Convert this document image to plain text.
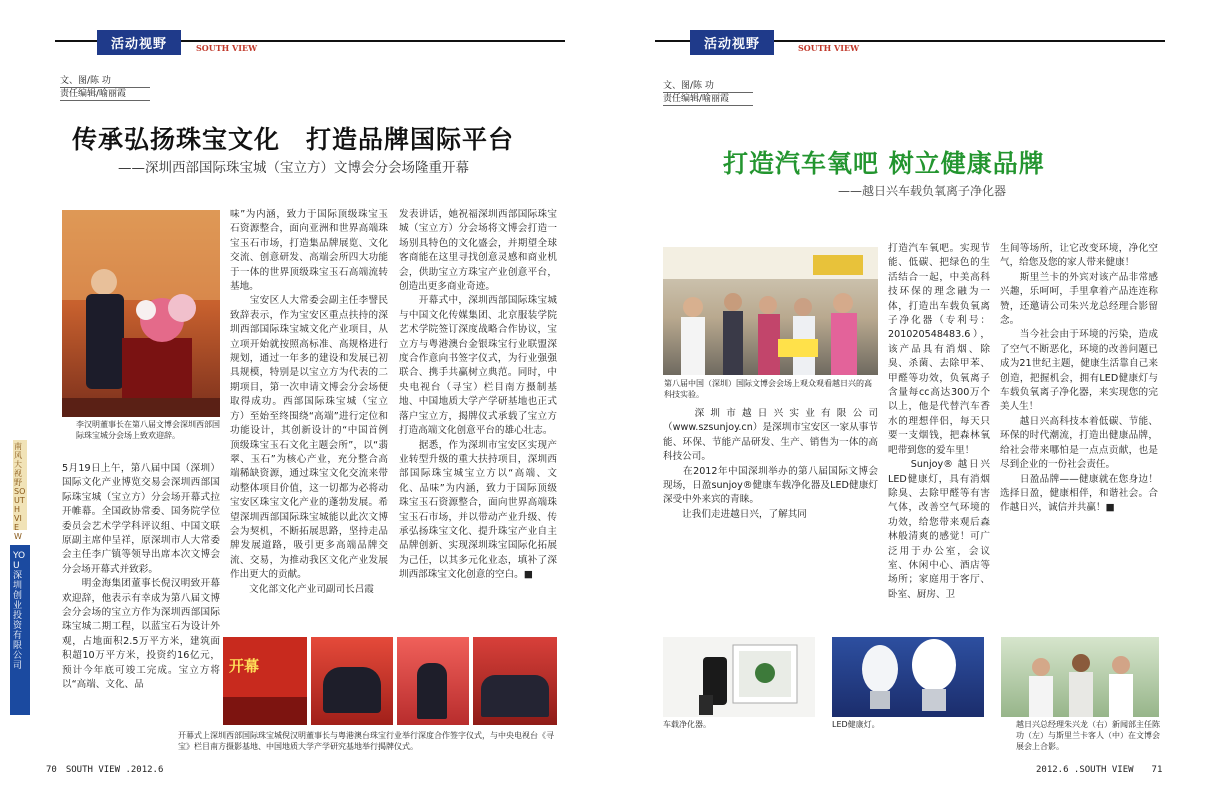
活动视野	SOUTH VIEW
文、图/陈 功
责任编辑/喻丽霞
传承弘扬珠宝文化　打造品牌国际平台
——深圳西部国际珠宝城（宝立方）文博会分会场隆重开幕
李汉明董事长在第八届文博会深圳西部国际珠宝城分会场上致欢迎辞。

5月19日上午，第八届中国（深圳）国际文化产业博览交易会深圳西部国际珠宝城（宝立方）分会场开幕式拉开帷幕。全国政协常委、国务院学位委员会艺术学学科评议组、中国文联原副主席仲呈祥，原深圳市人大常委会主任李广镇等领导出席本次文博会分会场开幕式并致彩。
　　明金海集团董事长倪汉明致开幕欢迎辞，他表示有幸成为第八届文博会分会场的宝立方作为深圳西部国际珠宝城二期工程，以蓝宝石为设计外观，占地面积2.5万平方米，建筑面积超10万平方米，投资约16亿元，预计今年底可竣工完成。宝立方将以“高端、文化、品

味”为内涵，致力于国际顶级珠宝玉石资源整合，面向亚洲和世界高端珠宝玉石市场，打造集品牌展览、文化交流、创意研发、高端会所四大功能于一体的世界顶级珠宝玉石高端流转基地。
　　宝安区人大常委会副主任李譬民致辞表示，作为宝安区重点扶持的深圳西部国际珠宝城文化产业项目，从立项开始就按照高标准、高规格进行规划，通过一年多的建设和发展已初具规模，特别是以宝立方为代表的二期项目，第一次申请文博会分会场便取得成功。西部国际珠宝城（宝立方）至始至终围绕“高端”进行定位和功能设计，其创新设计的“中国首例顶级珠宝玉石文化主题会所”，以“翡翠、玉石”为核心产业，充分整合高端稀缺资源，通过珠宝文化交流来带动整体项目价值，这一切都为必将动宝安区珠宝文化产业的蓬勃发展。希望深圳西部国际珠宝城能以此次文博会为契机，不断拓展思路，坚持走品牌发展道路，吸引更多高端品牌交流、交易，为推动我区文化产业发展作出更大的贡献。
　　文化部文化产业司副司长吕霞

发表讲话，她祝福深圳西部国际珠宝城（宝立方）分会场将文博会打造一场别具特色的文化盛会，并期望全球客商能在这里寻找创意灵感和商业机会，供助宝立方珠宝产业创意平台，创造出更多商业奇迹。
　　开幕式中，深圳西部国际珠宝城与中国文化传媒集团、北京服装学院艺术学院签订深度战略合作协议，宝立方与粤港澳台金银珠宝行业联盟深度合作意向书签字仪式，为行业强强联合、携手共赢树立典范。同时，中央电视台（寻宝）栏目南方摄制基地、中国地质大学产学研基地也正式落户宝立方，揭牌仪式承载了宝立方打造高端文化创意平台的雄心壮志。
　　据悉，作为深圳市宝安区实现产业转型升级的重大扶持项目，深圳西部国际珠宝城宝立方以“高端、文化、品味”为内涵，致力于国际顶级珠宝玉石资源整合，面向世界高端珠宝玉石市场，并以带动产业升级、传承弘扬珠宝文化、提升珠宝产业自主品牌创新、实现深圳珠宝国际化拓展为己任，以其多元化业态，填补了深圳西部珠宝文化创意的空白。■

开幕
开幕式上深圳西部国际珠宝城倪汉明董事长与粤港澳台珠宝行业举行深度合作签字仪式，与中央电视台《寻宝》栏目南方摄影基地、中国地质大学产学研究基地举行揭牌仪式。
南风大视野 SOUTH VIEW
YOU 深圳创业投资有限公司
70　SOUTH VIEW .2012.6
活动视野	SOUTH VIEW
文、图/陈 功
责任编辑/喻丽霞
打造汽车氧吧 树立健康品牌
——越日兴车载负氧离子净化器
第八届中国（深圳）国际文博会会场上观众观看越日兴的高科技实验。

　　深圳市越日兴实业有限公司（www.szsunjoy.cn）是深圳市宝安区一家从事节能、环保、节能产品研发、生产、销售为一体的高科技公司。
　　在2012年中国深圳举办的第八届国际文博会现场，日盈sunjoy®健康车载净化器及LED健康灯深受中外来宾的青睐。
　　让我们走进越日兴，了解其同

打造汽车氧吧。实现节能、低碳、把绿色的生活结合一起，中美高科技环保的理念融为一体，打造出车载负氧离子净化器（专利号：201020548483.6），该产品具有消烟、除臭、杀菌、去除甲苯、甲醛等功效，负氧离子含量每cc高达300万个以上，他是代替汽车香水的理想伴侣，每天只要一支烟钱，把森林氧吧带到您的爱车里！
　　Sunjoy® 越日兴LED健康灯，具有消烟除臭、去除甲醛等有害气体，改善空气环境的功效，给您带来观后森林般清爽的感觉！可广泛用于办公室，会议室、休闲中心、酒店等场所；家庭用于客厅、卧室、厨房、卫

生间等场所，让它改变环境，净化空气，给您及您的家人带来健康！
　　斯里兰卡的外宾对该产品非常感兴趣，乐呵呵，手里拿着产品连连称赞，还邀请公司朱兴龙总经理合影留念。
　　当今社会由于环境的污染，造成了空气不断恶化，环境的改善问题已成为21世纪主题，健康生活靠自己来创造，把握机会，拥有LED健康灯与车载负氧离子净化器，来实现您的完美人生！
　　越日兴高科技本着低碳、节能、环保的时代潮流，打造出健康品牌，给社会带来哪怕是一点点贡献，也是尽到企业的一份社会责任。
　　日盈品牌——健康就在您身边！选择日盈，健康相伴，和谐社会。合作越日兴，诚信并共赢！■

车载净化器。	LED健康灯。	越日兴总经理朱兴龙（右）新闻部主任陈功（左）与斯里兰卡客人（中）在文博会展会上合影。
2012.6 .SOUTH VIEW　　71
